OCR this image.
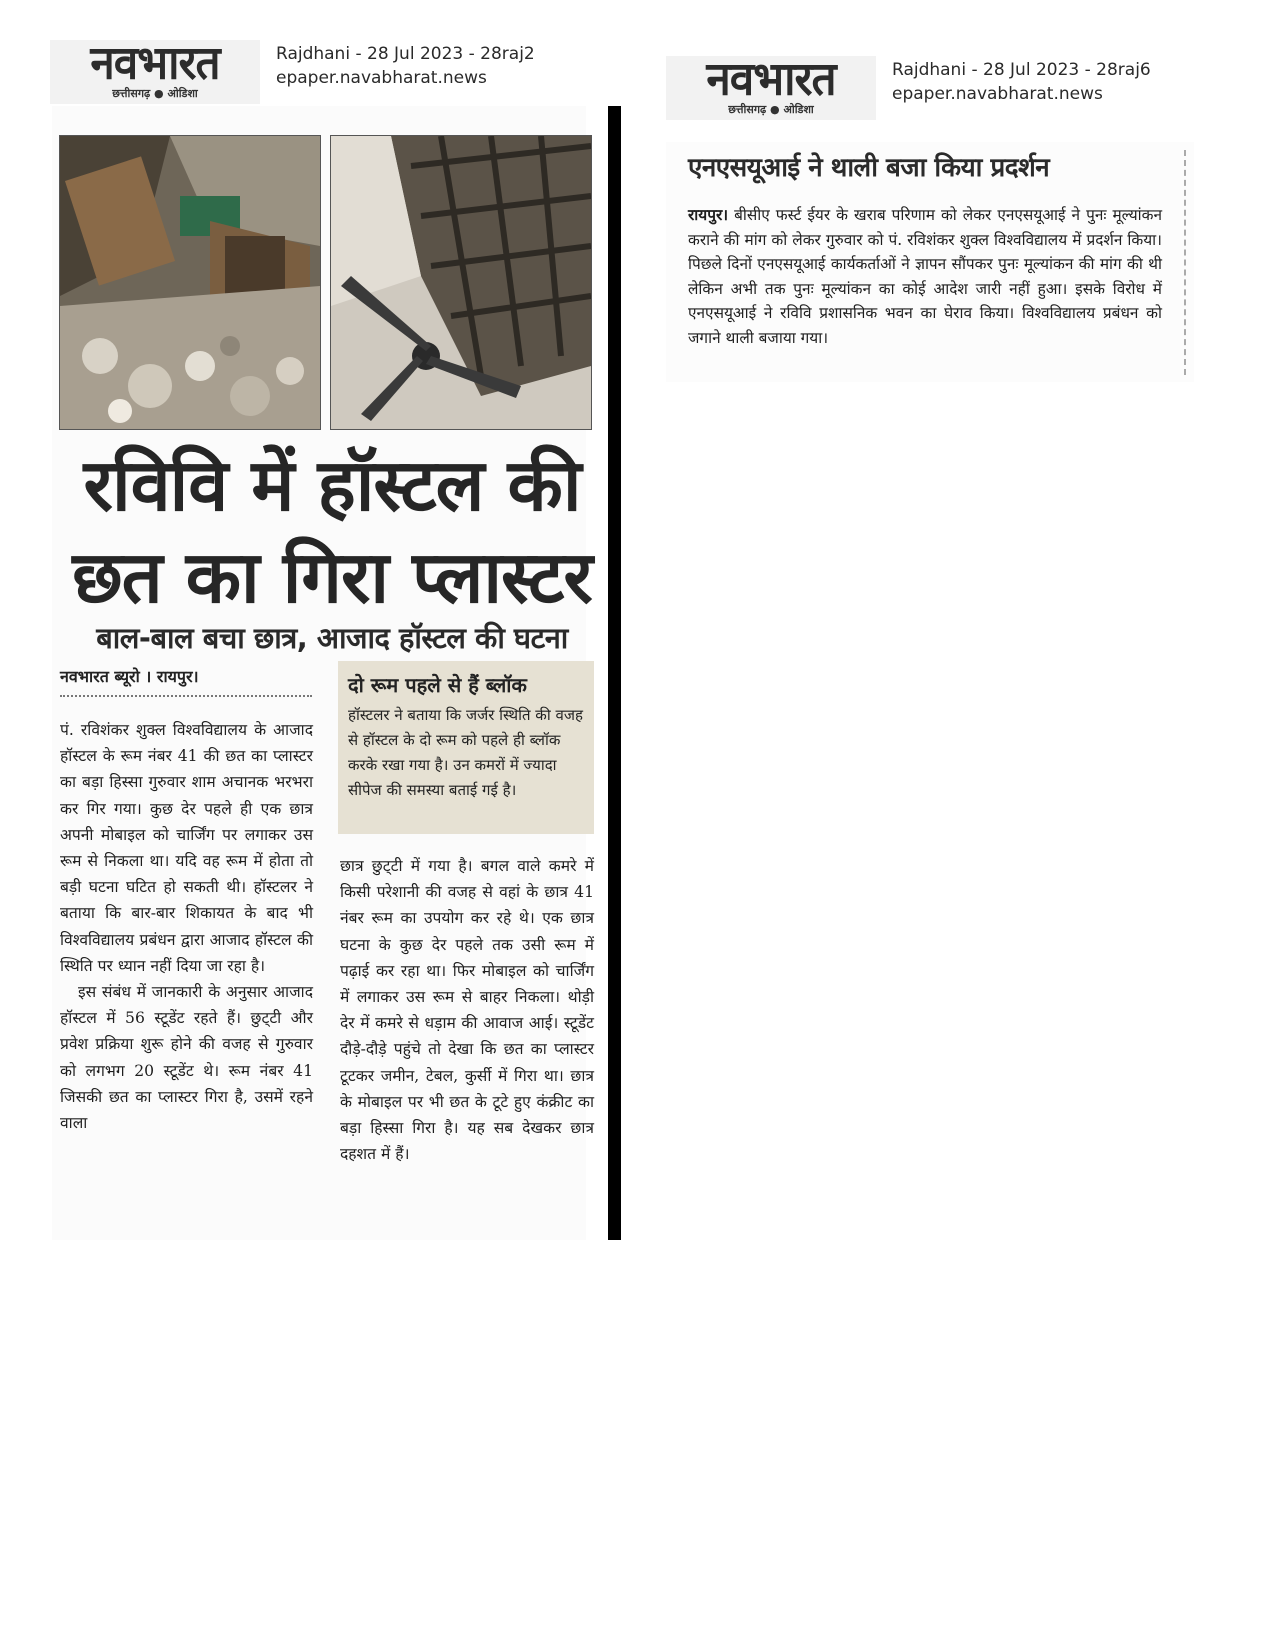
नवभारत
छत्तीसगढ़ ● ओडिशा
Rajdhani - 28 Jul 2023 - 28raj2
epaper.navabharat.news	नवभारत
छत्तीसगढ़ ● ओडिशा
Rajdhani - 28 Jul 2023 - 28raj6
epaper.navabharat.news
रविवि में हॉस्टल की
छत का गिरा प्लास्टर
बाल-बाल बचा छात्र, आजाद हॉस्टल की घटना
नवभारत ब्यूरो । रायपुर।

पं. रविशंकर शुक्ल विश्वविद्यालय के आजाद हॉस्टल के रूम नंबर 41 की छत का प्लास्टर का बड़ा हिस्सा गुरुवार शाम अचानक भरभरा कर गिर गया। कुछ देर पहले ही एक छात्र अपनी मोबाइल को चार्जिंग पर लगाकर उस रूम से निकला था। यदि वह रूम में होता तो बड़ी घटना घटित हो सकती थी। हॉस्टलर ने बताया कि बार-बार शिकायत के बाद भी विश्वविद्यालय प्रबंधन द्वारा आजाद हॉस्टल की स्थिति पर ध्यान नहीं दिया जा रहा है।

इस संबंध में जानकारी के अनुसार आजाद हॉस्टल में 56 स्टूडेंट रहते हैं। छुट्‌टी और प्रवेश प्रक्रिया शुरू होने की वजह से गुरुवार को लगभग 20 स्टूडेंट थे। रूम नंबर 41 जिसकी छत का प्लास्टर गिरा है, उसमें रहने वाला

दो रूम पहले से हैं ब्लॉक
हॉस्टलर ने बताया कि जर्जर स्थिति की वजह से हॉस्टल के दो रूम को पहले ही ब्लॉक करके रखा गया है। उन कमरों में ज्यादा सीपेज की समस्या बताई गई है।

छात्र छुट्‌टी में गया है। बगल वाले कमरे में किसी परेशानी की वजह से वहां के छात्र 41 नंबर रूम का उपयोग कर रहे थे। एक छात्र घटना के कुछ देर पहले तक उसी रूम में पढ़ाई कर रहा था। फिर मोबाइल को चार्जिंग में लगाकर उस रूम से बाहर निकला। थोड़ी देर में कमरे से धड़ाम की आवाज आई। स्टूडेंट दौड़े-दौड़े पहुंचे तो देखा कि छत का प्लास्टर टूटकर जमीन, टेबल, कुर्सी में गिरा था। छात्र के मोबाइल पर भी छत के टूटे हुए कंक्रीट का बड़ा हिस्सा गिरा है। यह सब देखकर छात्र दहशत में हैं।

एनएसयूआई ने थाली बजा किया प्रदर्शन
रायपुर। बीसीए फर्स्ट ईयर के खराब परिणाम को लेकर एनएसयूआई ने पुनः मूल्यांकन कराने की मांग को लेकर गुरुवार को पं. रविशंकर शुक्ल विश्वविद्यालय में प्रदर्शन किया। पिछले दिनों एनएसयूआई कार्यकर्ताओं ने ज्ञापन सौंपकर पुनः मूल्यांकन की मांग की थी लेकिन अभी तक पुनः मूल्यांकन का कोई आदेश जारी नहीं हुआ। इसके विरोध में एनएसयूआई ने रविवि प्रशासनिक भवन का घेराव किया। विश्वविद्यालय प्रबंधन को जगाने थाली बजाया गया।
